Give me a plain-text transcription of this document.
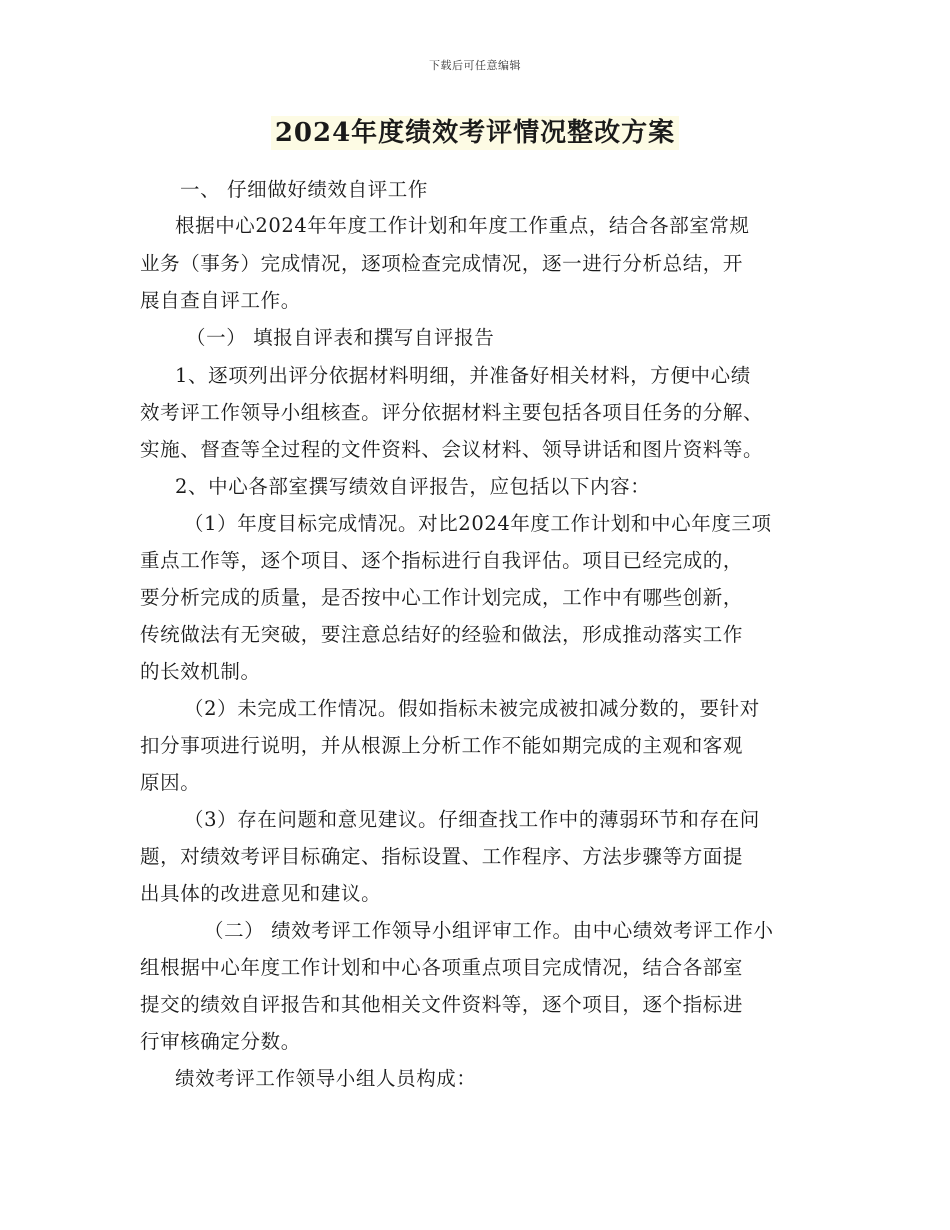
下载后可任意编辑
2024年度绩效考评情况整改方案
一、 仔细做好绩效自评工作
根据中心2024年年度工作计划和年度工作重点，结合各部室常规
业务（事务）完成情况，逐项检查完成情况，逐一进行分析总结，开
展自查自评工作。
（一） 填报自评表和撰写自评报告
1、逐项列出评分依据材料明细，并准备好相关材料，方便中心绩
效考评工作领导小组核查。评分依据材料主要包括各项目任务的分解、
实施、督查等全过程的文件资料、会议材料、领导讲话和图片资料等。
2、中心各部室撰写绩效自评报告，应包括以下内容：
（1）年度目标完成情况。对比2024年度工作计划和中心年度三项
重点工作等，逐个项目、逐个指标进行自我评估。项目已经完成的，
要分析完成的质量，是否按中心工作计划完成，工作中有哪些创新，
传统做法有无突破，要注意总结好的经验和做法，形成推动落实工作
的长效机制。
（2）未完成工作情况。假如指标未被完成被扣减分数的，要针对
扣分事项进行说明，并从根源上分析工作不能如期完成的主观和客观
原因。
（3）存在问题和意见建议。仔细查找工作中的薄弱环节和存在问
题，对绩效考评目标确定、指标设置、工作程序、方法步骤等方面提
出具体的改进意见和建议。
（二） 绩效考评工作领导小组评审工作。由中心绩效考评工作小
组根据中心年度工作计划和中心各项重点项目完成情况，结合各部室
提交的绩效自评报告和其他相关文件资料等，逐个项目，逐个指标进
行审核确定分数。
绩效考评工作领导小组人员构成：
